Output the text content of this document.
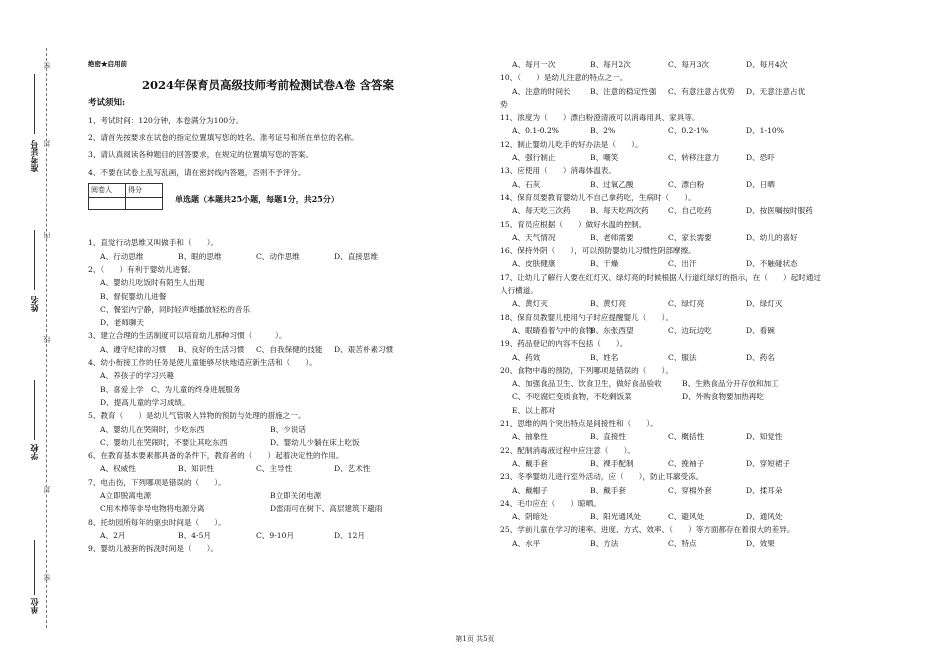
准考证号
姓名
学校
单位
密
封
内
线
封
密
绝密★启用前
2024年保育员高级技师考前检测试卷A卷 含答案
考试须知:
1、考试时间：120分钟，本卷满分为100分。
2、请首先按要求在试卷的指定位置填写您的姓名、准考证号和所在单位的名称。
3、请认真阅读各种题目的回答要求，在规定的位置填写您的答案。
4、不要在试卷上乱写乱画，请在密封线内答题，否则不予评分。
阅卷人	得分

单选题（本题共25小题，每题1分，共25分）
1、直觉行动思维又叫做手和（　　）。
A、行动思维	B、眼的思维	C、动作思维	D、直接思维
2、（　　）有利于婴幼儿进餐。
A、婴幼儿吃饭时有陌生人出现
B、督促婴幼儿进餐
C、餐室内宁静，同时轻声地播放轻松的音乐
D、老师聊天
3、建立合理的生活制度可以培育幼儿那种习惯（　　　）。
A、遵守纪律的习惯	B、良好的生活习惯	C、自我保健的技能	D、艰苦朴素习惯
4、幼小衔接工作的任务是使儿童能够尽快地适应新生活和（　　）。
A、养孩子的学习兴趣
B、喜爱上学　C、为儿童的终身进展服务
D、提高儿童的学习成绩。
5、教育（　　）是幼儿气管吸入异物的预防与处理的措施之一。
A、婴幼儿在哭闹时，少吃东西	B、少说话
C、婴幼儿在哭闹时，不要让其吃东西	D、婴幼儿少躺在床上吃饭
6、在教育基本要素都具备的条件下，教育者的（　　）起着决定性的作用。
A、权威性	B、知识性	C、主导性	D、艺术性
7、电击伤，下列哪项是错误的（　　）。
A立即脱离电源	B立即关闭电源
C用木棒等非导电物将电源分离	D雷雨可在树下、高层建筑下避雨
8、托幼园所每年的驱虫时间是（　　）。
A、2月	B、4-5月	C、9-10月	D、12月
9、婴幼儿被套的拆洗时间是（　　）。
A、每月一次	B、每月2次	C、每月3次	D、每月4次
10、（　　）是幼儿注意的特点之一。
A、注意的时间长	B、注意的稳定性强	C、有意注意占优势	D、无意注意占优
势
11、浓度为（　　）漂白粉澄清液可以消毒用具、家具等。
A、0.1-0.2%	B、2%	C、0.2-1%	D、1-10%
12、制止婴幼儿吃手的好办法是（　　）。
A、强行制止	B、嘲笑	C、转移注意力	D、恐吓
13、应使用（　　）消毒体温表。
A、石灰	B、过氧乙酸	C、漂白粉	D、日晒
14、保育员要教育婴幼儿不自己拿药吃，生病时（　　）。
A、每天吃三次药	B、每天吃两次药	C、自己吃药	D、按医嘱按时服药
15、育员应根据（　　）做好水温的控制。
A、天气情况	B、老师需要	C、家长需要	D、幼儿的喜好
16、保持外阴（　　），可以预防婴幼儿习惯性阴部摩擦。
A、皮肤健康	B、干燥	C、出汗	D、不触碰状态
17、让幼儿了解行人要在红灯灭、绿灯亮的时候根据人行道红绿灯的指示，在（　　）起时通过
人行横道。
A、黄灯灭	B、黄灯亮	C、绿灯亮	D、绿灯灭
18、保育员教婴儿使用勺子时应提醒婴儿（　　）。
A、眼睛看着勺中的食物
B、东张西望	C、边玩边吃	D、看碗
19、药品登记的内容不包括（　　）。
A、药效	B、姓名	C、服法	D、药名
20、食物中毒的预防，下列哪项是错误的（　　）。
A、加强食品卫生、饮食卫生，做好食品验收	B、生熟食品分开存放和加工
C、不吃腐烂变质食物，不吃剩饭菜	D、外购食物要加热再吃
E、以上都对
21、思维的两个突出特点是间接性和（　　）。
A、抽象性	B、直接性	C、概括性	D、知觉性
22、配制消毒液过程中应注意（　　）。
A、戴手套	B、裸手配制	C、挽袖子	D、穿短裙子
23、冬季婴幼儿进行室外活动，应（　　），防止耳廓受冻。
A、戴帽子	B、戴手套	C、穿棉外套	D、揉耳朵
24、毛巾应在（　　）晾晒。
A、阴暗处	B、阳光通风处	C、避风处	D、通风处
25、学前儿童在学习的速率、进度、方式、效率、（　　）等方面都存在着很大的差异。
A、水平	B、方法	C、特点	D、效果
第1页 共5页
